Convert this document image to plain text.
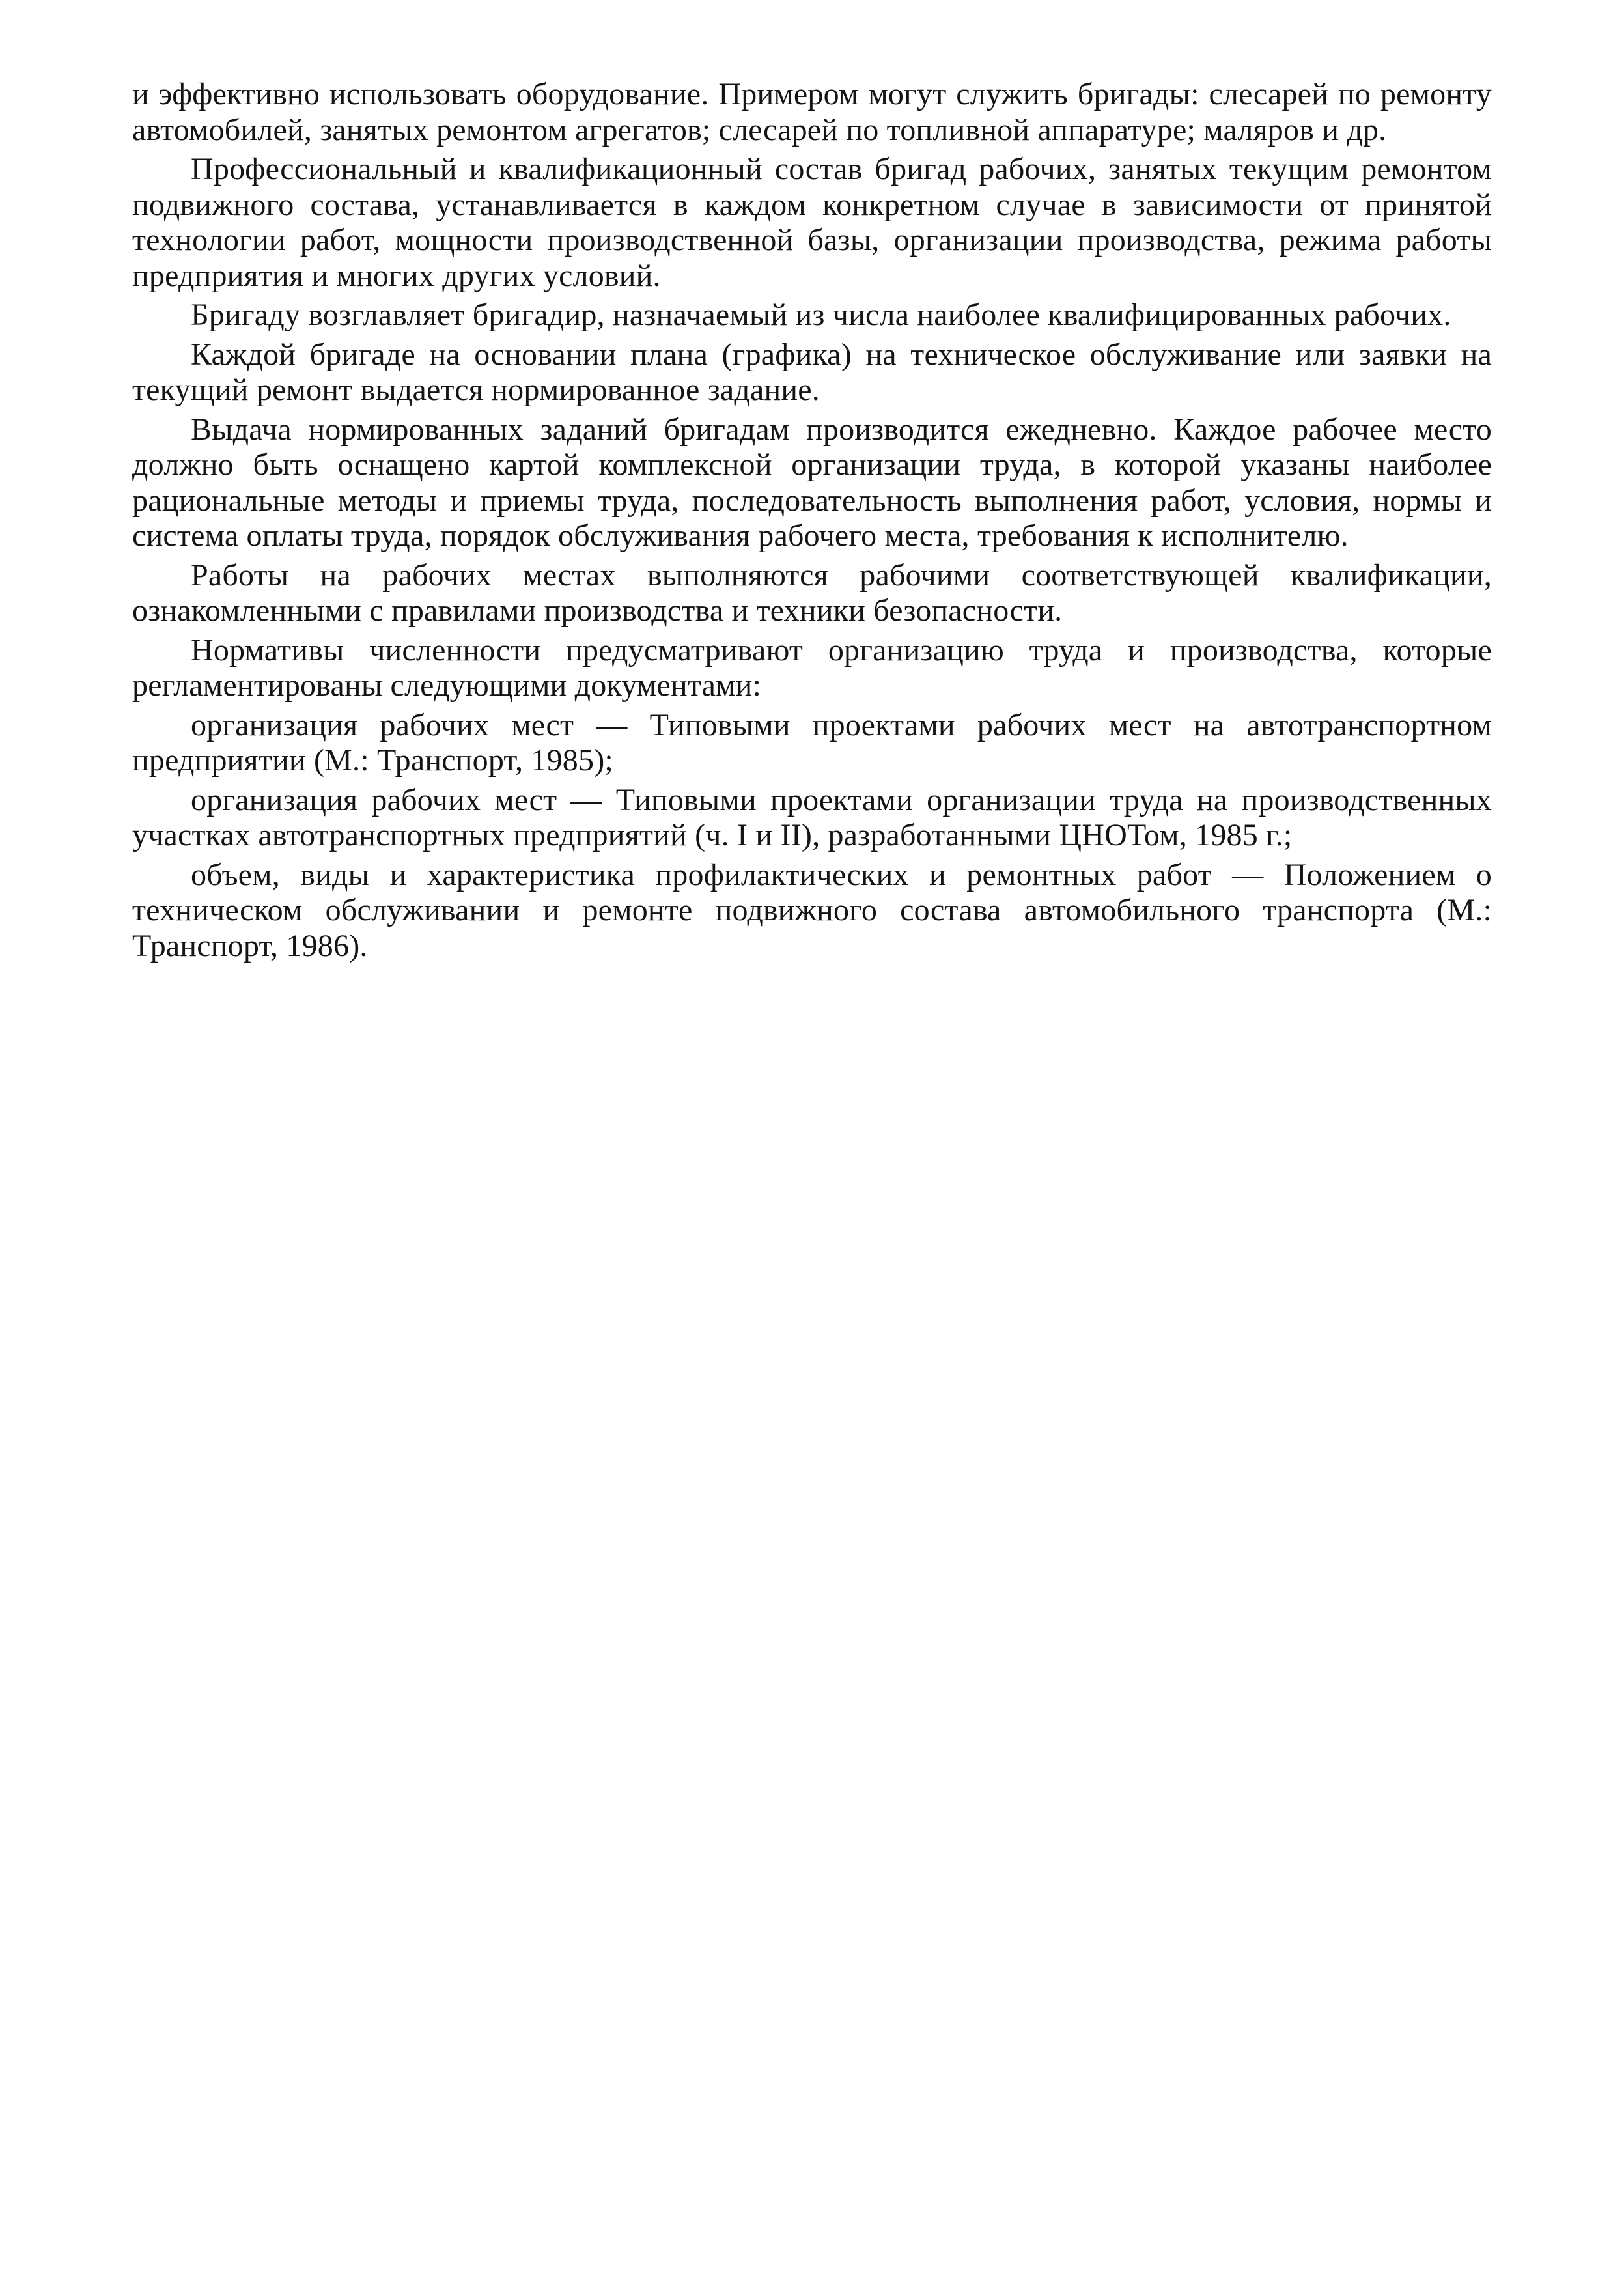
и эффективно использовать оборудование. Примером могут служить бригады: слесарей по ремонту автомобилей, занятых ремонтом агрегатов; слесарей по топливной аппаратуре; маляров и др.

Профессиональный и квалификационный состав бригад рабочих, занятых текущим ремонтом подвижного состава, устанавливается в каждом конкретном случае в зависимости от принятой технологии работ, мощности производственной базы, организации производства, режима работы предприятия и многих других условий.

Бригаду возглавляет бригадир, назначаемый из числа наиболее квалифицированных рабочих.

Каждой бригаде на основании плана (графика) на техническое обслуживание или заявки на текущий ремонт выдается нормированное задание.

Выдача нормированных заданий бригадам производится ежедневно. Каждое рабочее место должно быть оснащено картой комплексной организации труда, в которой указаны наиболее рациональные методы и приемы труда, последовательность выполнения работ, условия, нормы и система оплаты труда, порядок обслуживания рабочего места, требования к исполнителю.

Работы на рабочих местах выполняются рабочими соответствующей квалификации, ознакомленными с правилами производства и техники безопасности.

Нормативы численности предусматривают организацию труда и производства, которые регламентированы следующими документами:

организация рабочих мест — Типовыми проектами рабочих мест на автотранспортном предприятии (М.: Транспорт, 1985);

организация рабочих мест — Типовыми проектами организации труда на производственных участках автотранспортных предприятий (ч. I и II), разработанными ЦНОТом, 1985 г.;

объем, виды и характеристика профилактических и ремонтных работ — Положением о техническом обслуживании и ремонте подвижного состава автомобильного транспорта (М.: Транспорт, 1986).
